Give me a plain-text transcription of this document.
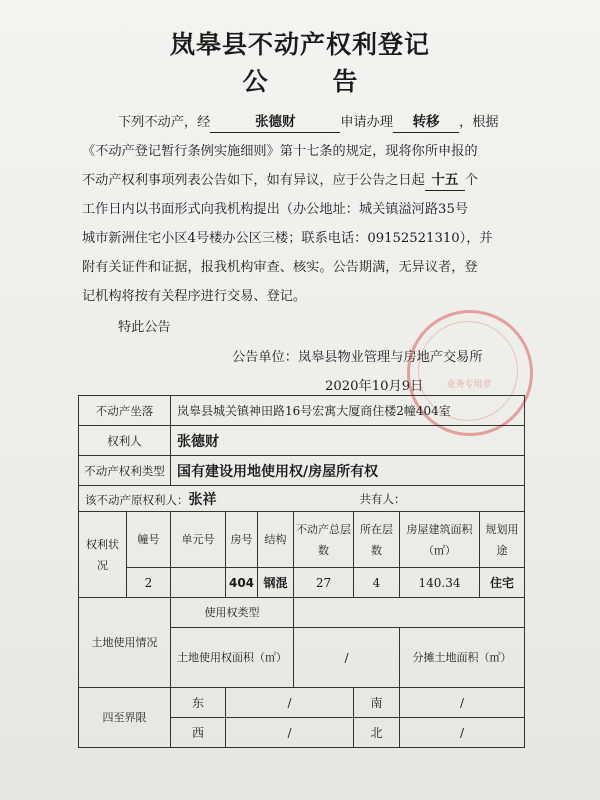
岚皋县不动产权利登记
公 告
下列不动产，经	张德财	申请办理 转移 ，根据
《不动产登记暂行条例实施细则》第十七条的规定，现将你所申报的
不动产权利事项列表公告如下，如有异议，应于公告之日起 十五 个
工作日内以书面形式向我机构提出（办公地址：城关镇溢河路35号
城市新洲住宅小区4号楼办公区三楼；联系电话：09152521310），并
附有关证件和证据，报我机构审查、核实。公告期满，无异议者，登
记机构将按有关程序进行交易、登记。
特此公告
公告单位：岚皋县物业管理与房地产交易所
2020年10月9日	业务专用章
不动产坐落		岚皋县城关镇神田路16号宏寓大厦商住楼2幢404室							
权利人		张德财							
不动产权利类型		国有建设用地使用权/房屋所有权							
该不动产原权利人：张祥						共有人：			
权利状况	幢号	单元号	房号	结构	不动产总层数	所在层数	房屋建筑面积（㎡）	规划用途	
	2		404	钢混	27	4	140.34	住宅	
土地使用情况		使用权类型							
		土地使用权面积（㎡）			/		分摊土地面积（㎡）	
四至界限		东	/			南	/		
		西	/			北	/		
